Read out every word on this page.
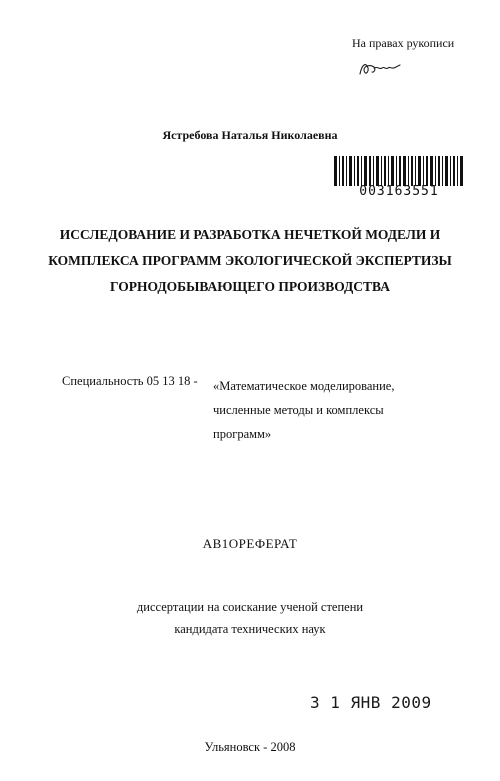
На правах рукописи
Ястребова Наталья Николаевна
003163551
ИССЛЕДОВАНИЕ И РАЗРАБОТКА НЕЧЕТКОЙ МОДЕЛИ И
КОМПЛЕКСА ПРОГРАММ ЭКОЛОГИЧЕСКОЙ ЭКСПЕРТИЗЫ
ГОРНОДОБЫВАЮЩЕГО ПРОИЗВОДСТВА
Специальность 05 13 18 - «Математическое моделирование,
численные методы и комплексы
программ»
АВ1ОРЕФЕРАТ
диссертации на соискание ученой степени
кандидата технических наук
3 1 ЯНВ 2009
Ульяновск - 2008
